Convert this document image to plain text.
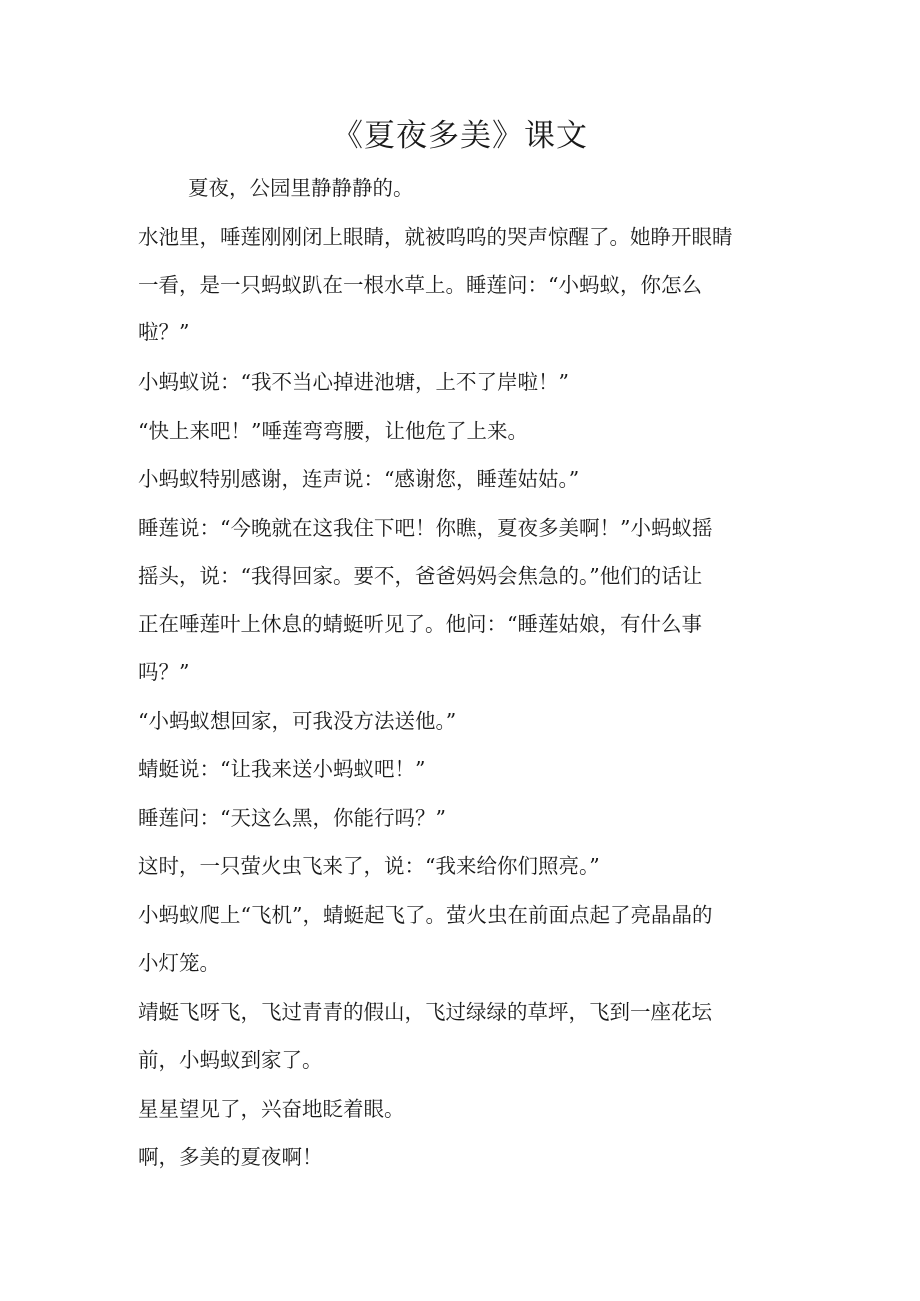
《夏夜多美》课文
夏夜，公园里静静静的。
水池里，唾莲刚刚闭上眼睛，就被呜呜的哭声惊醒了。她睁开眼睛
一看，是一只蚂蚁趴在一根水草上。睡莲问：“小蚂蚁，你怎么
啦？”
小蚂蚁说：“我不当心掉进池塘，上不了岸啦！”
“快上来吧！”唾莲弯弯腰，让他危了上来。
小蚂蚁特别感谢，连声说：“感谢您，睡莲姑姑。”
睡莲说：“今晚就在这我住下吧！你瞧，夏夜多美啊！”小蚂蚁摇
摇头，说：“我得回家。要不，爸爸妈妈会焦急的。”他们的话让
正在唾莲叶上休息的蜻蜓听见了。他问：“睡莲姑娘，有什么事
吗？”
“小蚂蚁想回家，可我没方法送他。”
蜻蜓说：“让我来送小蚂蚁吧！”
睡莲问：“天这么黑，你能行吗？”
这时，一只萤火虫飞来了，说：“我来给你们照亮。”
小蚂蚁爬上“飞机”，蜻蜓起飞了。萤火虫在前面点起了亮晶晶的
小灯笼。
靖蜓飞呀飞，飞过青青的假山，飞过绿绿的草坪，飞到一座花坛
前，小蚂蚁到家了。
星星望见了，兴奋地眨着眼。
啊，多美的夏夜啊！
